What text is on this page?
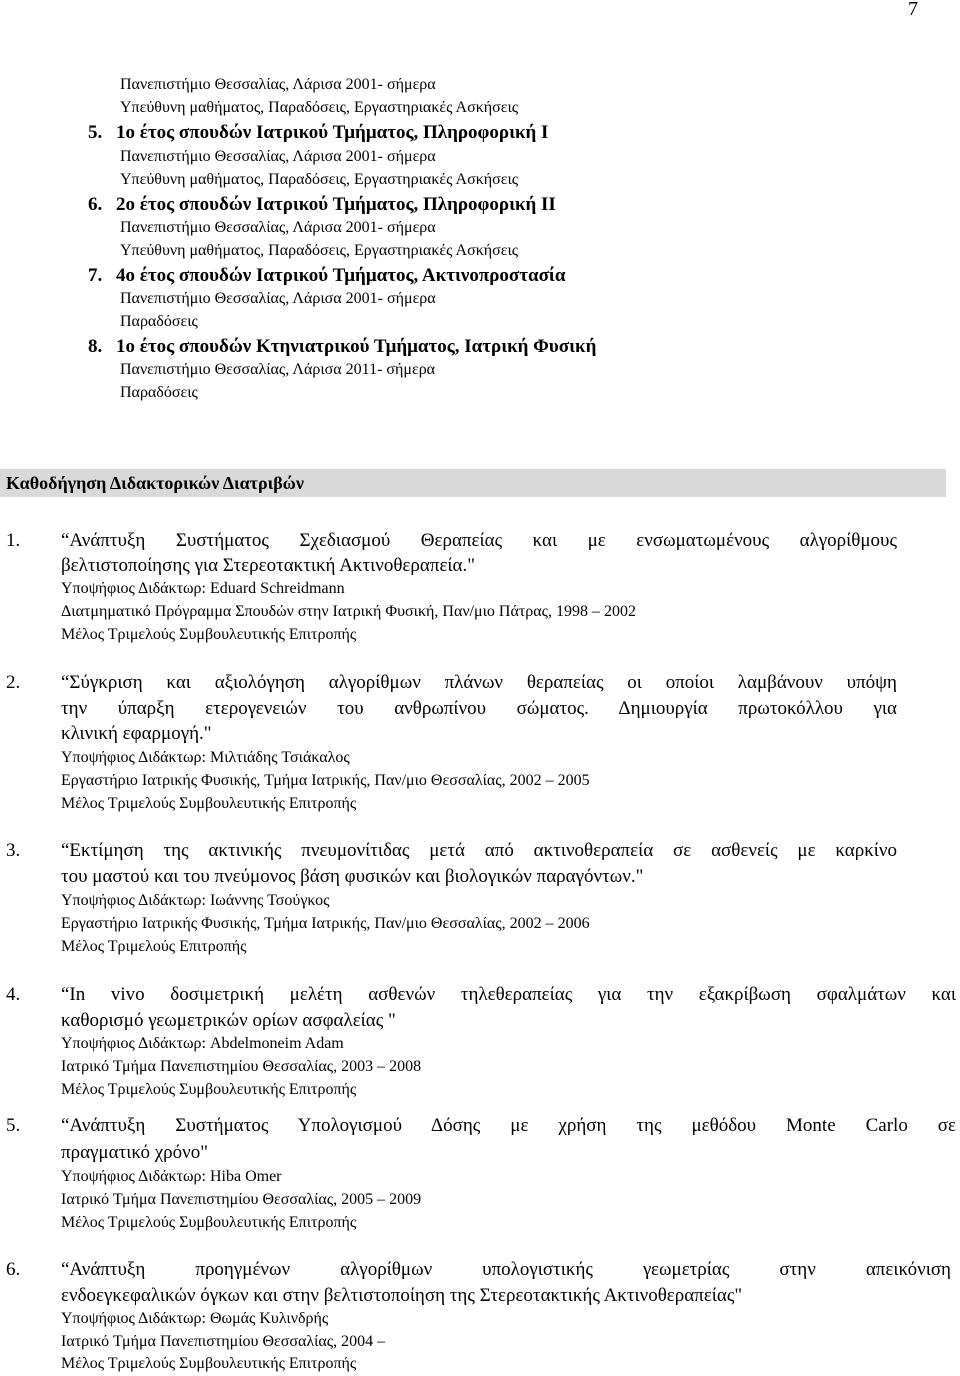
7
Πανεπιστήμιο Θεσσαλίας, Λάρισα 2001- σήμερα
Υπεύθυνη μαθήματος, Παραδόσεις, Εργαστηριακές Ασκήσεις
5. 1ο έτος σπουδών Ιατρικού Τμήματος, Πληροφορική Ι
Πανεπιστήμιο Θεσσαλίας, Λάρισα 2001- σήμερα
Υπεύθυνη μαθήματος, Παραδόσεις, Εργαστηριακές Ασκήσεις
6. 2ο έτος σπουδών Ιατρικού Τμήματος, Πληροφορική ΙΙ
Πανεπιστήμιο Θεσσαλίας, Λάρισα 2001- σήμερα
Υπεύθυνη μαθήματος, Παραδόσεις, Εργαστηριακές Ασκήσεις
7. 4ο έτος σπουδών Ιατρικού Τμήματος, Ακτινοπροστασία
Πανεπιστήμιο Θεσσαλίας, Λάρισα 2001- σήμερα
Παραδόσεις
8. 1ο έτος σπουδών Κτηνιατρικού Τμήματος, Ιατρική Φυσική
Πανεπιστήμιο Θεσσαλίας, Λάρισα 2011- σήμερα
Παραδόσεις
Καθοδήγηση Διδακτορικών Διατριβών
1. “Ανάπτυξη Συστήματος Σχεδιασμού Θεραπείας και με ενσωματωμένους αλγορίθμους
βελτιστοποίησης για Στερεοτακτική Ακτινοθεραπεία."
Υποψήφιος Διδάκτωρ: Eduard Schreidmann
Διατμηματικό Πρόγραμμα Σπουδών στην Ιατρική Φυσική, Παν/μιο Πάτρας, 1998 – 2002
Μέλος Τριμελούς Συμβουλευτικής Επιτροπής
2. “Σύγκριση και αξιολόγηση αλγορίθμων πλάνων θεραπείας οι οποίοι λαμβάνουν υπόψη
την ύπαρξη ετερογενειών του ανθρωπίνου σώματος. Δημιουργία πρωτοκόλλου για
κλινική εφαρμογή."
Υποψήφιος Διδάκτωρ: Μιλτιάδης Τσιάκαλος
Εργαστήριο Ιατρικής Φυσικής, Τμήμα Ιατρικής, Παν/μιο Θεσσαλίας, 2002 – 2005
Μέλος Τριμελούς Συμβουλευτικής Επιτροπής
3. “Εκτίμηση της ακτινικής πνευμονίτιδας μετά από ακτινοθεραπεία σε ασθενείς με καρκίνο
του μαστού και του πνεύμονος βάση φυσικών και βιολογικών παραγόντων."
Υποψήφιος Διδάκτωρ: Ιωάννης Τσούγκος
Εργαστήριο Ιατρικής Φυσικής, Τμήμα Ιατρικής, Παν/μιο Θεσσαλίας, 2002 – 2006
Μέλος Τριμελούς Επιτροπής
4. “In vivo δοσιμετρική μελέτη ασθενών τηλεθεραπείας για την εξακρίβωση σφαλμάτων και
καθορισμό γεωμετρικών ορίων ασφαλείας "
Υποψήφιος Διδάκτωρ: Abdelmoneim Adam
Ιατρικό Τμήμα Πανεπιστημίου Θεσσαλίας, 2003 – 2008
Μέλος Τριμελούς Συμβουλευτικής Επιτροπής
5. “Ανάπτυξη Συστήματος Υπολογισμού Δόσης με χρήση της μεθόδου Monte Carlo σε
πραγματικό χρόνο"
Υποψήφιος Διδάκτωρ: Hiba Omer
Ιατρικό Τμήμα Πανεπιστημίου Θεσσαλίας, 2005 – 2009
Μέλος Τριμελούς Συμβουλευτικής Επιτροπής
6. “Ανάπτυξη προηγμένων αλγορίθμων υπολογιστικής γεωμετρίας στην απεικόνιση
ενδοεγκεφαλικών όγκων και στην βελτιστοποίηση της Στερεοτακτικής Ακτινοθεραπείας"
Υποψήφιος Διδάκτωρ: Θωμάς Κυλινδρής
Ιατρικό Τμήμα Πανεπιστημίου Θεσσαλίας, 2004 –
Μέλος Τριμελούς Συμβουλευτικής Επιτροπής
